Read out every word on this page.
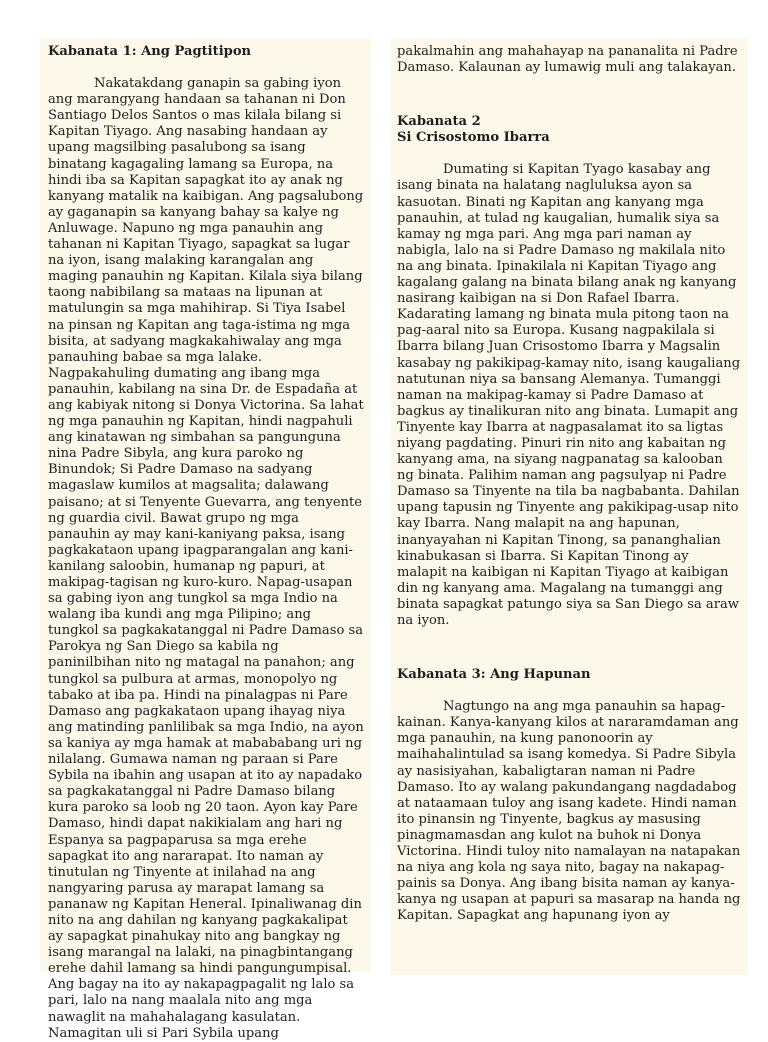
Kabanata 1: Ang Pagtitipon

Nakatakdang ganapin sa gabing iyon ang marangyang handaan sa tahanan ni Don Santiago Delos Santos o mas kilala bilang si Kapitan Tiyago. Ang nasabing handaan ay upang magsilbing pasalubong sa isang binatang kagagaling lamang sa Europa, na hindi iba sa Kapitan sapagkat ito ay anak ng kanyang matalik na kaibigan. Ang pagsalubong ay gaganapin sa kanyang bahay sa kalye ng Anluwage. Napuno ng mga panauhin ang tahanan ni Kapitan Tiyago, sapagkat sa lugar na iyon, isang malaking karangalan ang maging panauhin ng Kapitan. Kilala siya bilang taong nabibilang sa mataas na lipunan at matulungin sa mga mahihirap. Si Tiya Isabel na pinsan ng Kapitan ang taga-istima ng mga bisita, at sadyang magkakahiwalay ang mga panauhing babae sa mga lalake. Nagpakahuling dumating ang ibang mga panauhin, kabilang na sina Dr. de Espadaña at ang kabiyak nitong si Donya Victorina. Sa lahat ng mga panauhin ng Kapitan, hindi nagpahuli ang kinatawan ng simbahan sa pangunguna nina Padre Sibyla, ang kura paroko ng Binundok; Si Padre Damaso na sadyang magaslaw kumilos at magsalita; dalawang paisano; at si Tenyente Guevarra, ang tenyente ng guardia civil. Bawat grupo ng mga panauhin ay may kani-kaniyang paksa, isang pagkakataon upang ipagparangalan ang kani-kanilang saloobin, humanap ng papuri, at makipag-tagisan ng kuro-kuro. Napag-usapan sa gabing iyon ang tungkol sa mga Indio na walang iba kundi ang mga Pilipino; ang tungkol sa pagkakatanggal ni Padre Damaso sa Parokya ng San Diego sa kabila ng paninilbihan nito ng matagal na panahon; ang tungkol sa pulbura at armas, monopolyo ng tabako at iba pa. Hindi na pinalagpas ni Pare Damaso ang pagkakataon upang ihayag niya ang matinding panlilibak sa mga Indio, na ayon sa kaniya ay mga hamak at mabababang uri ng nilalang. Gumawa naman ng paraan si Pare Sybila na ibahin ang usapan at ito ay napadako sa pagkakatanggal ni Padre Damaso bilang kura paroko sa loob ng 20 taon. Ayon kay Pare Damaso, hindi dapat nakikialam ang hari ng Espanya sa pagpaparusa sa mga erehe sapagkat ito ang nararapat. Ito naman ay tinutulan ng Tinyente at inilahad na ang nangyaring parusa ay marapat lamang sa pananaw ng Kapitan Heneral. Ipinaliwanag din nito na ang dahilan ng kanyang pagkakalipat ay sapagkat pinahukay nito ang bangkay ng isang marangal na lalaki, na pinagbintangang erehe dahil lamang sa hindi pangungumpisal. Ang bagay na ito ay nakapagpagalit ng lalo sa pari, lalo na nang maalala nito ang mga nawaglit na mahahalagang kasulatan. Namagitan uli si Pari Sybila upang

pakalmahin ang mahahayap na pananalita ni Padre Damaso. Kalaunan ay lumawig muli ang talakayan.

Kabanata 2

Si Crisostomo Ibarra

Dumating si Kapitan Tyago kasabay ang isang binata na halatang nagluluksa ayon sa kasuotan. Binati ng Kapitan ang kanyang mga panauhin, at tulad ng kaugalian, humalik siya sa kamay ng mga pari. Ang mga pari naman ay nabigla, lalo na si Padre Damaso ng makilala nito na ang binata. Ipinakilala ni Kapitan Tiyago ang kagalang galang na binata bilang anak ng kanyang nasirang kaibigan na si Don Rafael Ibarra. Kadarating lamang ng binata mula pitong taon na pag-aaral nito sa Europa. Kusang nagpakilala si Ibarra bilang Juan Crisostomo Ibarra y Magsalin kasabay ng pakikipag-kamay nito, isang kaugaliang natutunan niya sa bansang Alemanya. Tumanggi naman na makipag-kamay si Padre Damaso at bagkus ay tinalikuran nito ang binata. Lumapit ang Tinyente kay Ibarra at nagpasalamat ito sa ligtas niyang pagdating. Pinuri rin nito ang kabaitan ng kanyang ama, na siyang nagpanatag sa kalooban ng binata. Palihim naman ang pagsulyap ni Padre Damaso sa Tinyente na tila ba nagbabanta. Dahilan upang tapusin ng Tinyente ang pakikipag-usap nito kay Ibarra. Nang malapit na ang hapunan, inanyayahan ni Kapitan Tinong, sa pananghalian kinabukasan si Ibarra. Si Kapitan Tinong ay malapit na kaibigan ni Kapitan Tiyago at kaibigan din ng kanyang ama. Magalang na tumanggi ang binata sapagkat patungo siya sa San Diego sa araw na iyon.

Kabanata 3: Ang Hapunan

Nagtungo na ang mga panauhin sa hapag-kainan. Kanya-kanyang kilos at nararamdaman ang mga panauhin, na kung panonoorin ay maihahalintulad sa isang komedya. Si Padre Sibyla ay nasisiyahan, kabaligtaran naman ni Padre Damaso. Ito ay walang pakundangang nagdadabog at nataamaan tuloy ang isang kadete. Hindi naman ito pinansin ng Tinyente, bagkus ay masusing pinagmamasdan ang kulot na buhok ni Donya Victorina. Hindi tuloy nito namalayan na natapakan na niya ang kola ng saya nito, bagay na nakapag-painis sa Donya. Ang ibang bisita naman ay kanya- kanya ng usapan at papuri sa masarap na handa ng Kapitan. Sapagkat ang hapunang iyon ay
